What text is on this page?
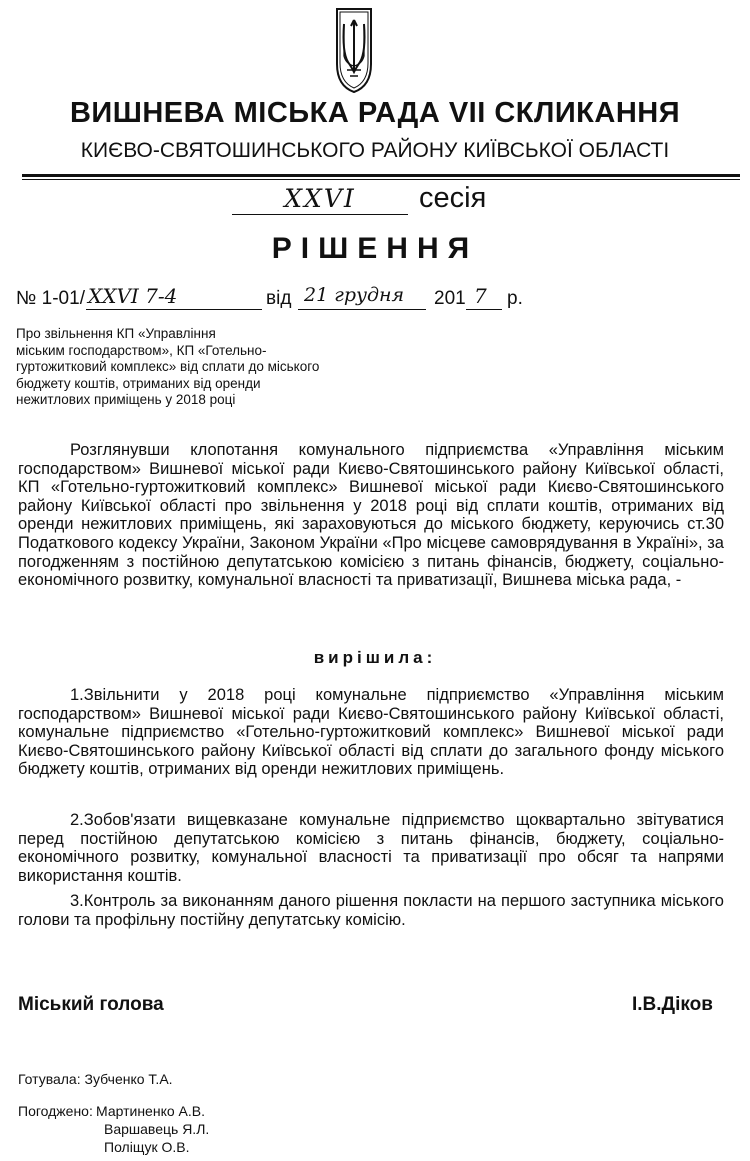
ВИШНЕВА МІСЬКА РАДА VII СКЛИКАННЯ
КИЄВО-СВЯТОШИНСЬКОГО РАЙОНУ КИЇВСЬКОЇ ОБЛАСТІ
XXVI	сесія
РІШЕННЯ
№ 1-01/ XXVI 7-4	від 21 грудня 201 7 р.
Про звільнення КП «Управління
міським господарством», КП «Готельно-
гуртожитковий комплекс» від сплати до міського
бюджету коштів, отриманих від оренди
нежитлових приміщень у 2018 році

Розглянувши клопотання комунального підприємства «Управління міським господарством» Вишневої міської ради Києво-Святошинського району Київської області, КП «Готельно-гуртожитковий комплекс» Вишневої міської ради Києво-Святошинського району Київської області про звільнення у 2018 році від сплати коштів, отриманих від оренди нежитлових приміщень, які зараховуються до міського бюджету, керуючись ст.30 Податкового кодексу України, Законом України «Про місцеве самоврядування в Україні», за погодженням з постійною депутатською комісією з питань фінансів, бюджету, соціально-економічного розвитку, комунальної власності та приватизації, Вишнева міська рада, -

вирішила:

1.Звільнити у 2018 році комунальне підприємство «Управління міським господарством» Вишневої міської ради Києво-Святошинського району Київської області, комунальне підприємство «Готельно-гуртожитковий комплекс» Вишневої міської ради Києво-Святошинського району Київської області від сплати до загального фонду міського бюджету коштів, отриманих від оренди нежитлових приміщень.

2.Зобов'язати вищевказане комунальне підприємство щоквартально звітуватися перед постійною депутатською комісією з питань фінансів, бюджету, соціально-економічного розвитку, комунальної власності та приватизації про обсяг та напрями використання коштів.

3.Контроль за виконанням даного рішення покласти на першого заступника міського голови та профільну постійну депутатську комісію.

Міський голова	І.В.Діков
Готувала: Зубченко Т.А.
Погоджено: Мартиненко А.В.
Варшавець Я.Л.
Поліщук О.В.
